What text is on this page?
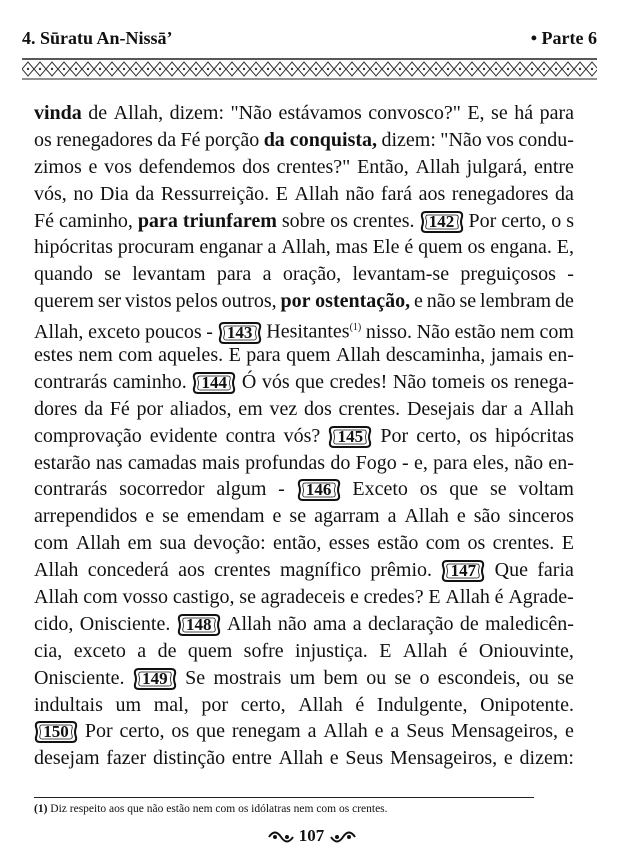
4. Sūratu An-Nissā’	• Parte 6
vinda de Allah, dizem: "Não estávamos convosco?" E, se há para
os renegadores da Fé porção da conquista, dizem: "Não vos condu-
zimos e vos defendemos dos crentes?" Então, Allah julgará, entre
vós, no Dia da Ressurreição. E Allah não fará aos renegadores da
Fé caminho, para triunfarem sobre os crentes. 142 Por certo, o s
hipócritas procuram enganar a Allah, mas Ele é quem os engana. E,
quando se levantam para a oração, levantam-se preguiçosos -
querem ser vistos pelos outros, por ostentação, e não se lembram de
Allah, exceto poucos - 143 Hesitantes$^{(1)}$ nisso. Não estão nem com
estes nem com aqueles. E para quem Allah descaminha, jamais en-
contrarás caminho. 144 Ó vós que credes! Não tomeis os renega-
dores da Fé por aliados, em vez dos crentes. Desejais dar a Allah
comprovação evidente contra vós?	145 Por certo, os hipócritas
estarão nas camadas mais profundas do Fogo - e, para eles, não en-
contrarás socorredor algum -	146	Exceto os que se voltam
arrependidos e se emendam e se agarram a Allah e são sinceros
com Allah em sua devoção: então, esses estão com os crentes. E
Allah concederá aos crentes magnífico prêmio.	147 Que faria
Allah com vosso castigo, se agradeceis e credes? E Allah é Agrade-
cido, Onisciente. 148 Allah não ama a declaração de maledicên-
cia, exceto a de quem sofre injustiça. E Allah é Oniouvinte,
Onisciente.	149 Se mostrais um bem ou se o escondeis, ou se
indultais um mal, por certo, Allah é Indulgente, Onipotente.
150 Por certo, os que renegam a Allah e a Seus Mensageiros, e
desejam fazer distinção entre Allah e Seus Mensageiros, e dizem:
(1) Diz respeito aos que não estão nem com os idólatras nem com os crentes.
107
